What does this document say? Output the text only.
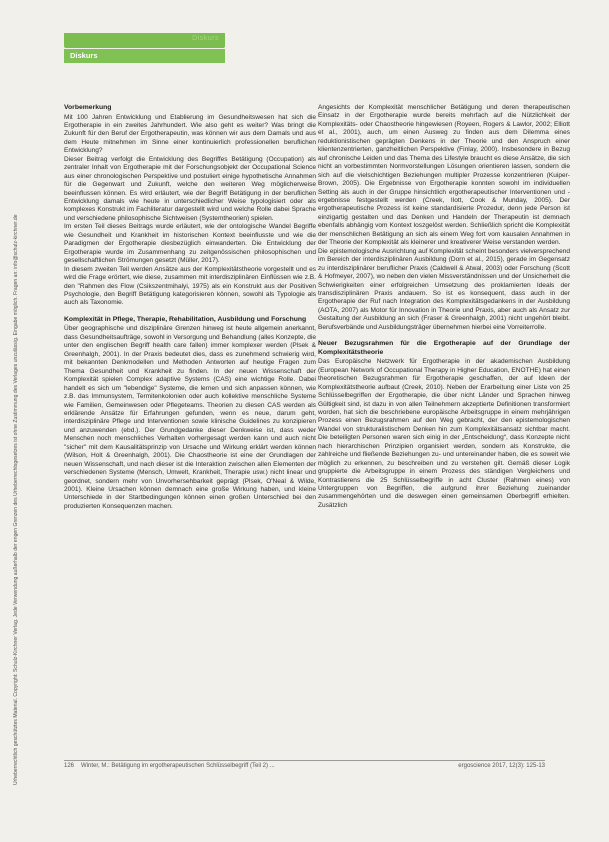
Diskurs
Diskurs
Urheberrechtlich geschütztes Material. Copyright: Schulz-Kirchner Verlag. Jede Verwendung außerhalb der engen Grenzen des Urheberrechtsgesetzes ist ohne Zustimmung des Verlages unzulässig. Eingabe möglich. Fragen an: info@schulz-kirchner.de
Vorbemerkung

Mit 100 Jahren Entwicklung und Etablierung im Gesundheitswesen hat sich die Ergotherapie in ein zweites Jahrhundert. Wie also geht es weiter? Was bringt die Zukunft für den Beruf der Ergotherapeutin, was können wir aus dem Damals und aus dem Heute mitnehmen im Sinne einer kontinuierlich professionellen beruflichen Entwicklung?

Dieser Beitrag verfolgt die Entwicklung des Begriffes Betätigung (Occupation) als zentraler Inhalt von Ergotherapie mit der Forschungsobjekt der Occupational Science aus einer chronologischen Perspektive und postuliert einige hypothetische Annahmen für die Gegenwart und Zukunft, welche den weiteren Weg möglicherweise beeinflussen können. Es wird erläutert, wie der Begriff Betätigung in der beruflichen Entwicklung damals wie heute in unterschiedlicher Weise typologisiert oder als komplexes Konstrukt im Fachliteratur dargestellt wird und welche Rolle dabei Sprache und verschiedene philosophische Sichtweisen (Systemtheorien) spielen.

Im ersten Teil dieses Beitrags wurde erläutert, wie der ontologische Wandel Begriffe wie Gesundheit und Krankheit im historischen Kontext beeinflusste und wie die Paradigmen der Ergotherapie diesbezüglich einwanderten. Die Entwicklung der Ergotherapie wurde im Zusammenhang zu zeitgenössischen philosophischen und gesellschaftlichen Strömungen gesetzt (Müller, 2017).

In diesem zweiten Teil werden Ansätze aus der Komplexitätstheorie vorgestellt und es wird die Frage erörtert, wie diese, zusammen mit interdisziplinären Einflüssen wie z.B. den "Rahmen des Flow (Csikszentmihalyi, 1975) als ein Konstrukt aus der Positiven Psychologie, den Begriff Betätigung kategorisieren können, sowohl als Typologie als auch als Taxonomie.

Komplexität in Pflege, Therapie, Rehabilitation, Ausbildung und Forschung

Über geographische und disziplinäre Grenzen hinweg ist heute allgemein anerkannt, dass Gesundheitsaufträge, sowohl in Versorgung und Behandlung (alles Konzepte, die unter den englischen Begriff health care fallen) immer komplexer werden (Plsek & Greenhalgh, 2001). In der Praxis bedeutet dies, dass es zunehmend schwierig wird, mit bekannten Denkmodellen und Methoden Antworten auf heutige Fragen zum Thema Gesundheit und Krankheit zu finden. In der neuen Wissenschaft der Komplexität spielen Complex adaptive Systems (CAS) eine wichtige Rolle. Dabei handelt es sich um "lebendige" Systeme, die lernen und sich anpassen können, wie z.B. das Immunsystem, Termitenkolonien oder auch kollektive menschliche Systeme wie Familien, Gemeinwesen oder Pflegeteams. Theorien zu diesen CAS werden als erklärende Ansätze für Erfahrungen gefunden, wenn es neue, darum geht, interdisziplinäre Pflege und Interventionen sowie klinische Guidelines zu konzipieren und anzuwenden (ebd.). Der Grundgedanke dieser Denkweise ist, dass weder Menschen noch menschliches Verhalten vorhergesagt werden kann und auch nicht "sicher" mit dem Kausalitätsprinzip von Ursache und Wirkung erklärt werden können (Wilson, Holt & Greenhalgh, 2001). Die Chaostheorie ist eine der Grundlagen der neuen Wissenschaft, und nach dieser ist die Interaktion zwischen allen Elementen der verschiedenen Systeme (Mensch, Umwelt, Krankheit, Therapie usw.) nicht linear und geordnet, sondern mehr von Unvorhersehbarkeit geprägt (Plsek, O'Neal & Wilde, 2001). Kleine Ursachen können demnach eine große Wirkung haben, und kleine Unterschiede in der Startbedingungen können einen großen Unterschied bei den produzierten Konsequenzen machen.

Angesichts der Komplexität menschlicher Betätigung und deren therapeutischen Einsatz in der Ergotherapie wurde bereits mehrfach auf die Nützlichkeit der Komplexitäts- oder Chaostheorie hingewiesen (Royeen, Rogers & Lawlor, 2002; Elliott et al., 2001), auch, um einen Ausweg zu finden aus dem Dilemma eines reduktionistischen geprägten Denkens in der Theorie und den Anspruch einer klientenzentrierten, ganzheitlichen Perspektive (Finlay, 2000). Insbesondere in Bezug auf chronische Leiden und das Thema des Lifestyle braucht es diese Ansätze, die sich nicht an vorbestimmten Normvorstellungen Lösungen orientieren lassen, sondern die sich auf die vielschichtigen Beziehungen multipler Prozesse konzentrieren (Kuiper-Brown, 2005). Die Ergebnisse von Ergotherapie konnten sowohl im individuellen Setting als auch in der Gruppe hinsichtlich ergotherapeutischer Interventionen und -ergebnisse festgestellt werden (Creek, Ilott, Cook & Munday, 2005). Der ergotherapeutische Prozess ist keine standardisierte Prozedur, denn jede Person ist einzigartig gestalten und das Denken und Handeln der Therapeutin ist demnach ebenfalls abhängig vom Kontext loszgelöst werden. Schließlich spricht die Komplexität der menschlichen Betätigung an sich als einem Weg fort vom kausalen Annahmen in der Theorie der Komplexität als kleinerer und kreativerer Weise verstanden werden.

Die epistemologische Ausrichtung auf Komplexität scheint besonders vielversprechend im Bereich der interdisziplinären Ausbildung (Dorn et al., 2015), gerade im Gegensatz zu interdisziplinärer beruflicher Praxis (Caldwell & Atwal, 2003) oder Forschung (Scott & Hofmeyer, 2007), wo neben den vielen Missverständnissen und der Unsicherheit die Schwierigkeiten einer erfolgreichen Umsetzung des proklamierten Ideals der transdisziplinären Praxis andauern. So ist es konsequent, dass auch in der Ergotherapie der Ruf nach Integration des Komplexitätsgedankens in der Ausbildung (AOTA, 2007) als Motor für Innovation in Theorie und Praxis, aber auch als Ansatz zur Gestaltung der Ausbildung an sich (Fraser & Greenhalgh, 2001) nicht ungehört bleibt. Berufsverbände und Ausbildungsträger übernehmen hierbei eine Vorreiterrolle.

Neuer Bezugsrahmen für die Ergotherapie auf der Grundlage der Komplexitätstheorie

Das Europäische Netzwerk für Ergotherapie in der akademischen Ausbildung (European Network of Occupational Therapy in Higher Education, ENOTHE) hat einen theoretischen Bezugsrahmen für Ergotherapie geschaffen, der auf Ideen der Komplexitätstheorie aufbaut (Creek, 2010). Neben der Erarbeitung einer Liste von 25 Schlüsselbegriffen der Ergotherapie, die über nicht Länder und Sprachen hinweg Gültigkeit sind, ist dazu in von allen Teilnehmern akzeptierte Definitionen transformiert worden, hat sich die beschriebene europäische Arbeitsgruppe in einem mehrjährigen Prozess einen Bezugsrahmen auf den Weg gebracht, der den epistemologischen Wandel von strukturalistischem Denken hin zum Komplexitätsansatz sichtbar macht. Die beteiligten Personen waren sich einig in der „Entscheidung“, dass Konzepte nicht nach hierarchischen Prinzipien organisiert werden, sondern als Konstrukte, die zahlreiche und fließende Beziehungen zu- und untereinander haben, die es soweit wie möglich zu erkennen, zu beschreiben und zu verstehen gilt. Gemäß dieser Logik gruppierte die Arbeitsgruppe in einem Prozess des ständigen Vergleichens und Kontrastierens die 25 Schlüsselbegriffe in acht Cluster (Rahmen eines) von Untergruppen von Begriffen, die aufgrund ihrer Beziehung zueinander zusammengehörten und die deswegen einen gemeinsamen Oberbegriff erhielten. Zusätzlich

126 Winter, M.: Betätigung im ergotherapeutischen Schlüsselbegriff (Teil 2) ...	ergoscience 2017, 12(3): 125-13
